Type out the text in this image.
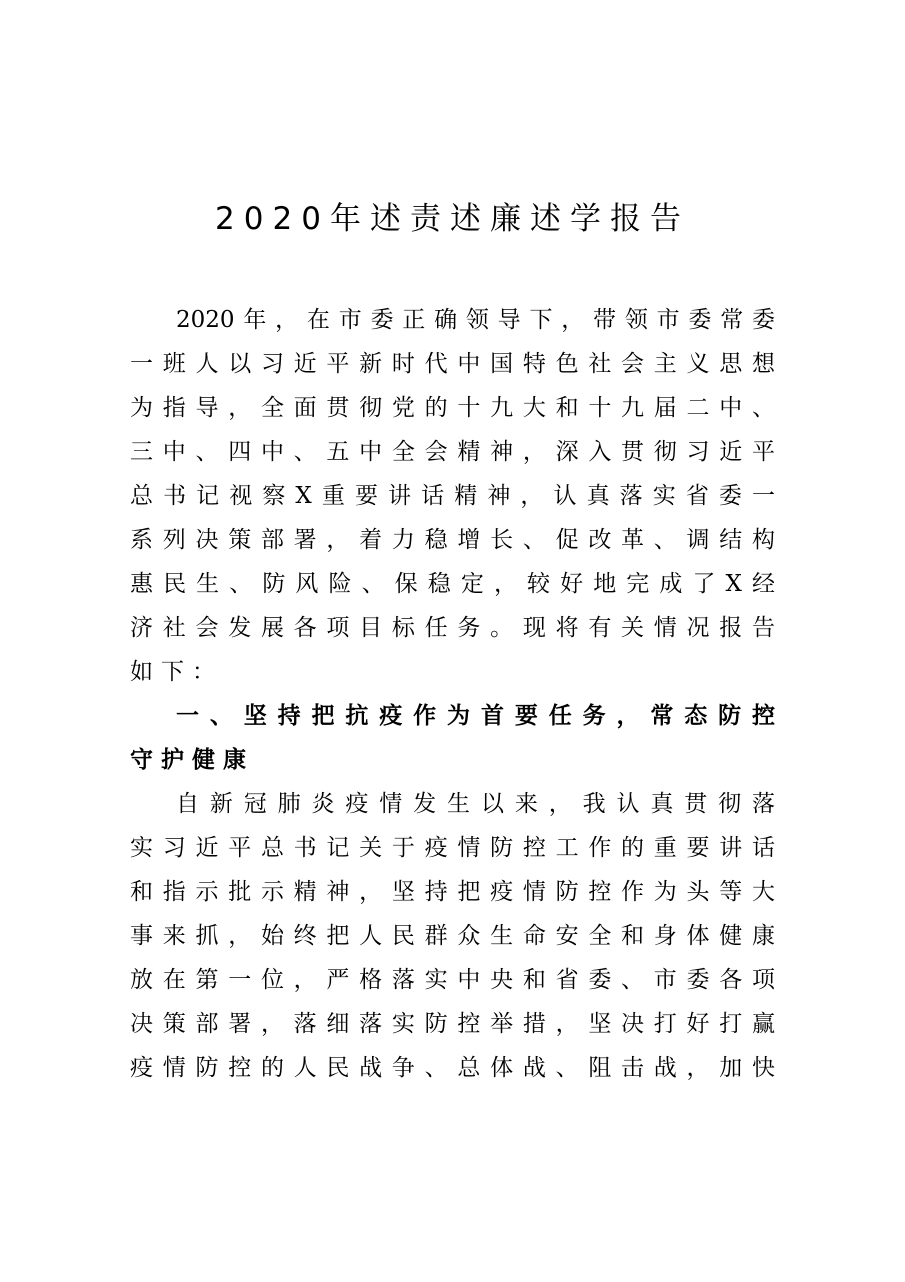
2020年述责述廉述学报告
2020年，在市委正确领导下，带领市委常委
一班人以习近平新时代中国特色社会主义思想
为指导，全面贯彻党的十九大和十九届二中、
三中、四中、五中全会精神，深入贯彻习近平
总书记视察X重要讲话精神，认真落实省委一
系列决策部署，着力稳增长、促改革、调结构
惠民生、防风险、保稳定，较好地完成了X经
济社会发展各项目标任务。现将有关情况报告
如下：
一、坚持把抗疫作为首要任务，常态防控
守护健康
自新冠肺炎疫情发生以来，我认真贯彻落
实习近平总书记关于疫情防控工作的重要讲话
和指示批示精神，坚持把疫情防控作为头等大
事来抓，始终把人民群众生命安全和身体健康
放在第一位，严格落实中央和省委、市委各项
决策部署，落细落实防控举措，坚决打好打赢
疫情防控的人民战争、总体战、阻击战，加快
